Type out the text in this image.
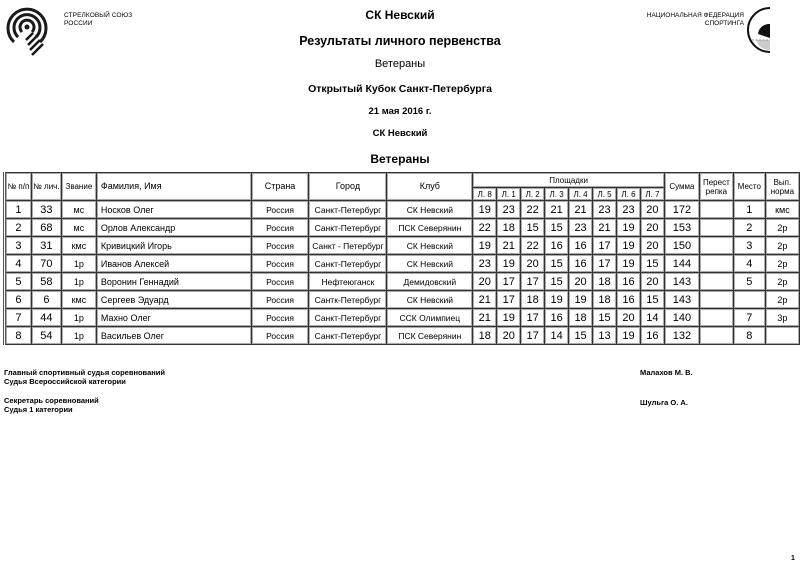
СТРЕЛКОВЫЙ СОЮЗ
РОССИИ
НАЦИОНАЛЬНАЯ ФЕДЕРАЦИЯ
СПОРТИНГА
СК Невский
Результаты личного первенства
Ветераны
Открытый Кубок Санкт-Петербурга
21 мая 2016 г.
СК Невский
Ветераны
№ п/п	№ лич.	Звание	Фамилия, Имя	Страна	Город	Клуб	Площадки								Сумма	Перест репка	Место	Вып. норма
							Л. 8	Л. 1	Л. 2	Л. 3	Л. 4	Л. 5	Л. 6	Л. 7				
1	33	мс	Носков Олег	Россия	Санкт-Петербург	СК Невский	19	23	22	21	21	23	23	20	172		1	кмс
2	68	мс	Орлов Александр	Россия	Санкт-Петербург	ПСК Северянин	22	18	15	15	23	21	19	20	153		2	2р
3	31	кмс	Кривицкий Игорь	Россия	Санкт - Петербург	СК Невский	19	21	22	16	16	17	19	20	150		3	2р
4	70	1р	Иванов Алексей	Россия	Санкт-Петербург	СК Невский	23	19	20	15	16	17	19	15	144		4	2р
5	58	1р	Воронин Геннадий	Россия	Нефтеюганск	Демидовский	20	17	17	15	20	18	16	20	143		5	2р
6	6	кмс	Сергеев Эдуард	Россия	Сантк-Петербург	СК Невский	21	17	18	19	19	18	16	15	143			2р
7	44	1р	Махно Олег	Россия	Санкт-Петербург	ССК Олимпиец	21	19	17	16	18	15	20	14	140		7	3р
8	54	1р	Васильев Олег	Россия	Санкт-Петербург	ПСК Северянин	18	20	17	14	15	13	19	16	132		8	
Главный спортивный судья соревнований
Судья Всероссийской категории
Секретарь соревнований
Судья 1 категории
Малахов М. В.
Шульга О. А.
1
